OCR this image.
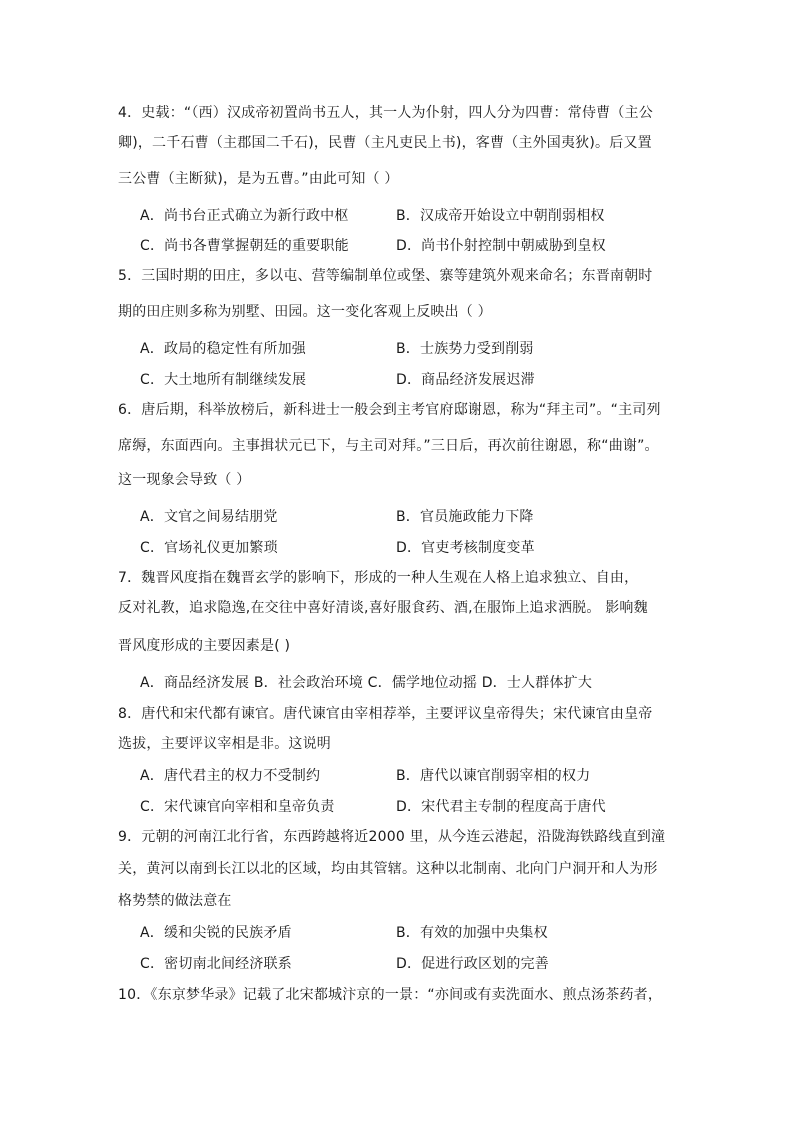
4．史载：“（西）汉成帝初置尚书五人，其一人为仆射，四人分为四曹：常侍曹（主公
卿)，二千石曹（主郡国二千石)，民曹（主凡吏民上书)，客曹（主外国夷狄)。后又置
三公曹（主断狱)，是为五曹。”由此可知（ ）
A．尚书台正式确立为新行政中枢	B．汉成帝开始设立中朝削弱相权
C．尚书各曹掌握朝廷的重要职能	D．尚书仆射控制中朝威胁到皇权
5．三国时期的田庄，多以屯、营等编制单位或堡、寨等建筑外观来命名；东晋南朝时
期的田庄则多称为别墅、田园。这一变化客观上反映出（ ）
A．政局的稳定性有所加强	B．士族势力受到削弱
C．大土地所有制继续发展	D．商品经济发展迟滞
6．唐后期，科举放榜后，新科进士一般会到主考官府邸谢恩，称为“拜主司”。“主司列
席缛，东面西向。主事揖状元已下，与主司对拜。”三日后，再次前往谢恩，称“曲谢”。
这一现象会导致（ ）
A．文官之间易结朋党	B．官员施政能力下降
C．官场礼仪更加繁琐	D．官吏考核制度变革
7．魏晋风度指在魏晋玄学的影响下，形成的一种人生观在人格上追求独立、自由，
反对礼教，追求隐逸,在交往中喜好清谈,喜好服食药、酒,在服饰上追求洒脱。 影响魏
晋风度形成的主要因素是( )
A．商品经济发展 B．社会政治环境 C．儒学地位动摇 D．士人群体扩大
8．唐代和宋代都有谏官。唐代谏官由宰相荐举，主要评议皇帝得失；宋代谏官由皇帝
选拔，主要评议宰相是非。这说明
A．唐代君主的权力不受制约	B．唐代以谏官削弱宰相的权力
C．宋代谏官向宰相和皇帝负责	D．宋代君主专制的程度高于唐代
9．元朝的河南江北行省，东西跨越将近2000 里，从今连云港起，沿陇海铁路线直到潼
关，黄河以南到长江以北的区域，均由其管辖。这种以北制南、北向门户洞开和人为形
格势禁的做法意在
A．缓和尖锐的民族矛盾	B．有效的加强中央集权
C．密切南北间经济联系	D．促进行政区划的完善
10．《东京梦华录》记载了北宋都城汴京的一景：“亦间或有卖洗面水、煎点汤茶药者，
